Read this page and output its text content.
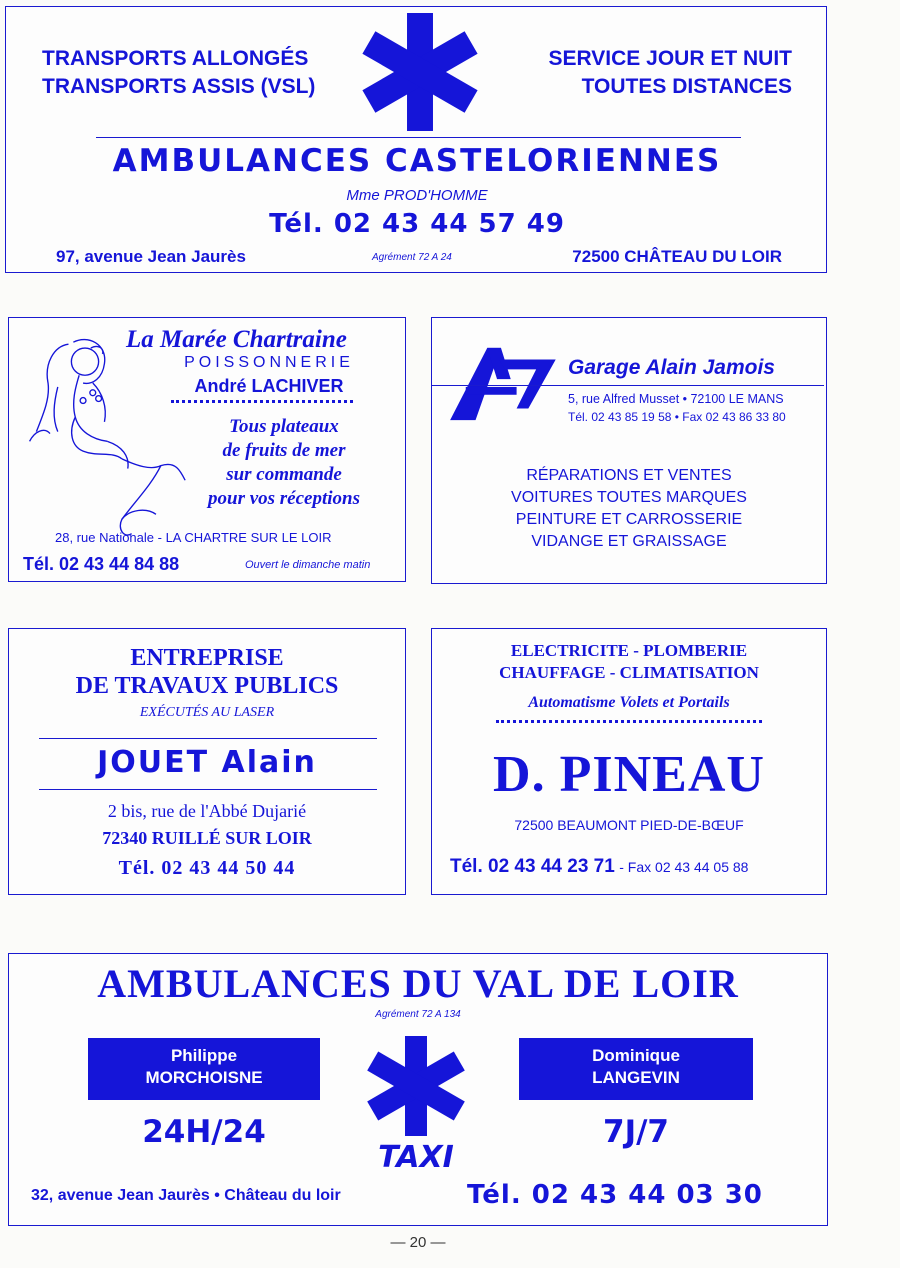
TRANSPORTS ALLONGÉS
TRANSPORTS ASSIS (VSL)
SERVICE JOUR ET NUIT
TOUTES DISTANCES
AMBULANCES CASTELORIENNES
Mme PROD'HOMME
Tél. 02 43 44 57 49
97, avenue Jean Jaurès	Agrément 72 A 24	72500 CHÂTEAU DU LOIR
La Marée Chartraine
POISSONNERIE
André LACHIVER
Tous plateaux
de fruits de mer
sur commande
pour vos réceptions
28, rue Nationale - LA CHARTRE SUR LE LOIR
Tél. 02 43 44 84 88	Ouvert le dimanche matin
Garage Alain Jamois
5, rue Alfred Musset • 72100 LE MANS
Tél. 02 43 85 19 58 • Fax 02 43 86 33 80
RÉPARATIONS ET VENTES
VOITURES TOUTES MARQUES
PEINTURE ET CARROSSERIE
VIDANGE ET GRAISSAGE
ENTREPRISE
DE TRAVAUX PUBLICS
EXÉCUTÉS AU LASER
JOUET Alain
2 bis, rue de l'Abbé Dujarié
72340 RUILLÉ SUR LOIR
Tél. 02 43 44 50 44
ELECTRICITE - PLOMBERIE
CHAUFFAGE - CLIMATISATION
Automatisme Volets et Portails
D. PINEAU
72500 BEAUMONT PIED-DE-BŒUF
Tél. 02 43 44 23 71 - Fax 02 43 44 05 88
AMBULANCES DU VAL DE LOIR
Agrément 72 A 134
Philippe
MORCHOISNE
24H/24
TAXI
Dominique
LANGEVIN
7J/7
32, avenue Jean Jaurès • Château du loir	Tél. 02 43 44 03 30
— 20 —
